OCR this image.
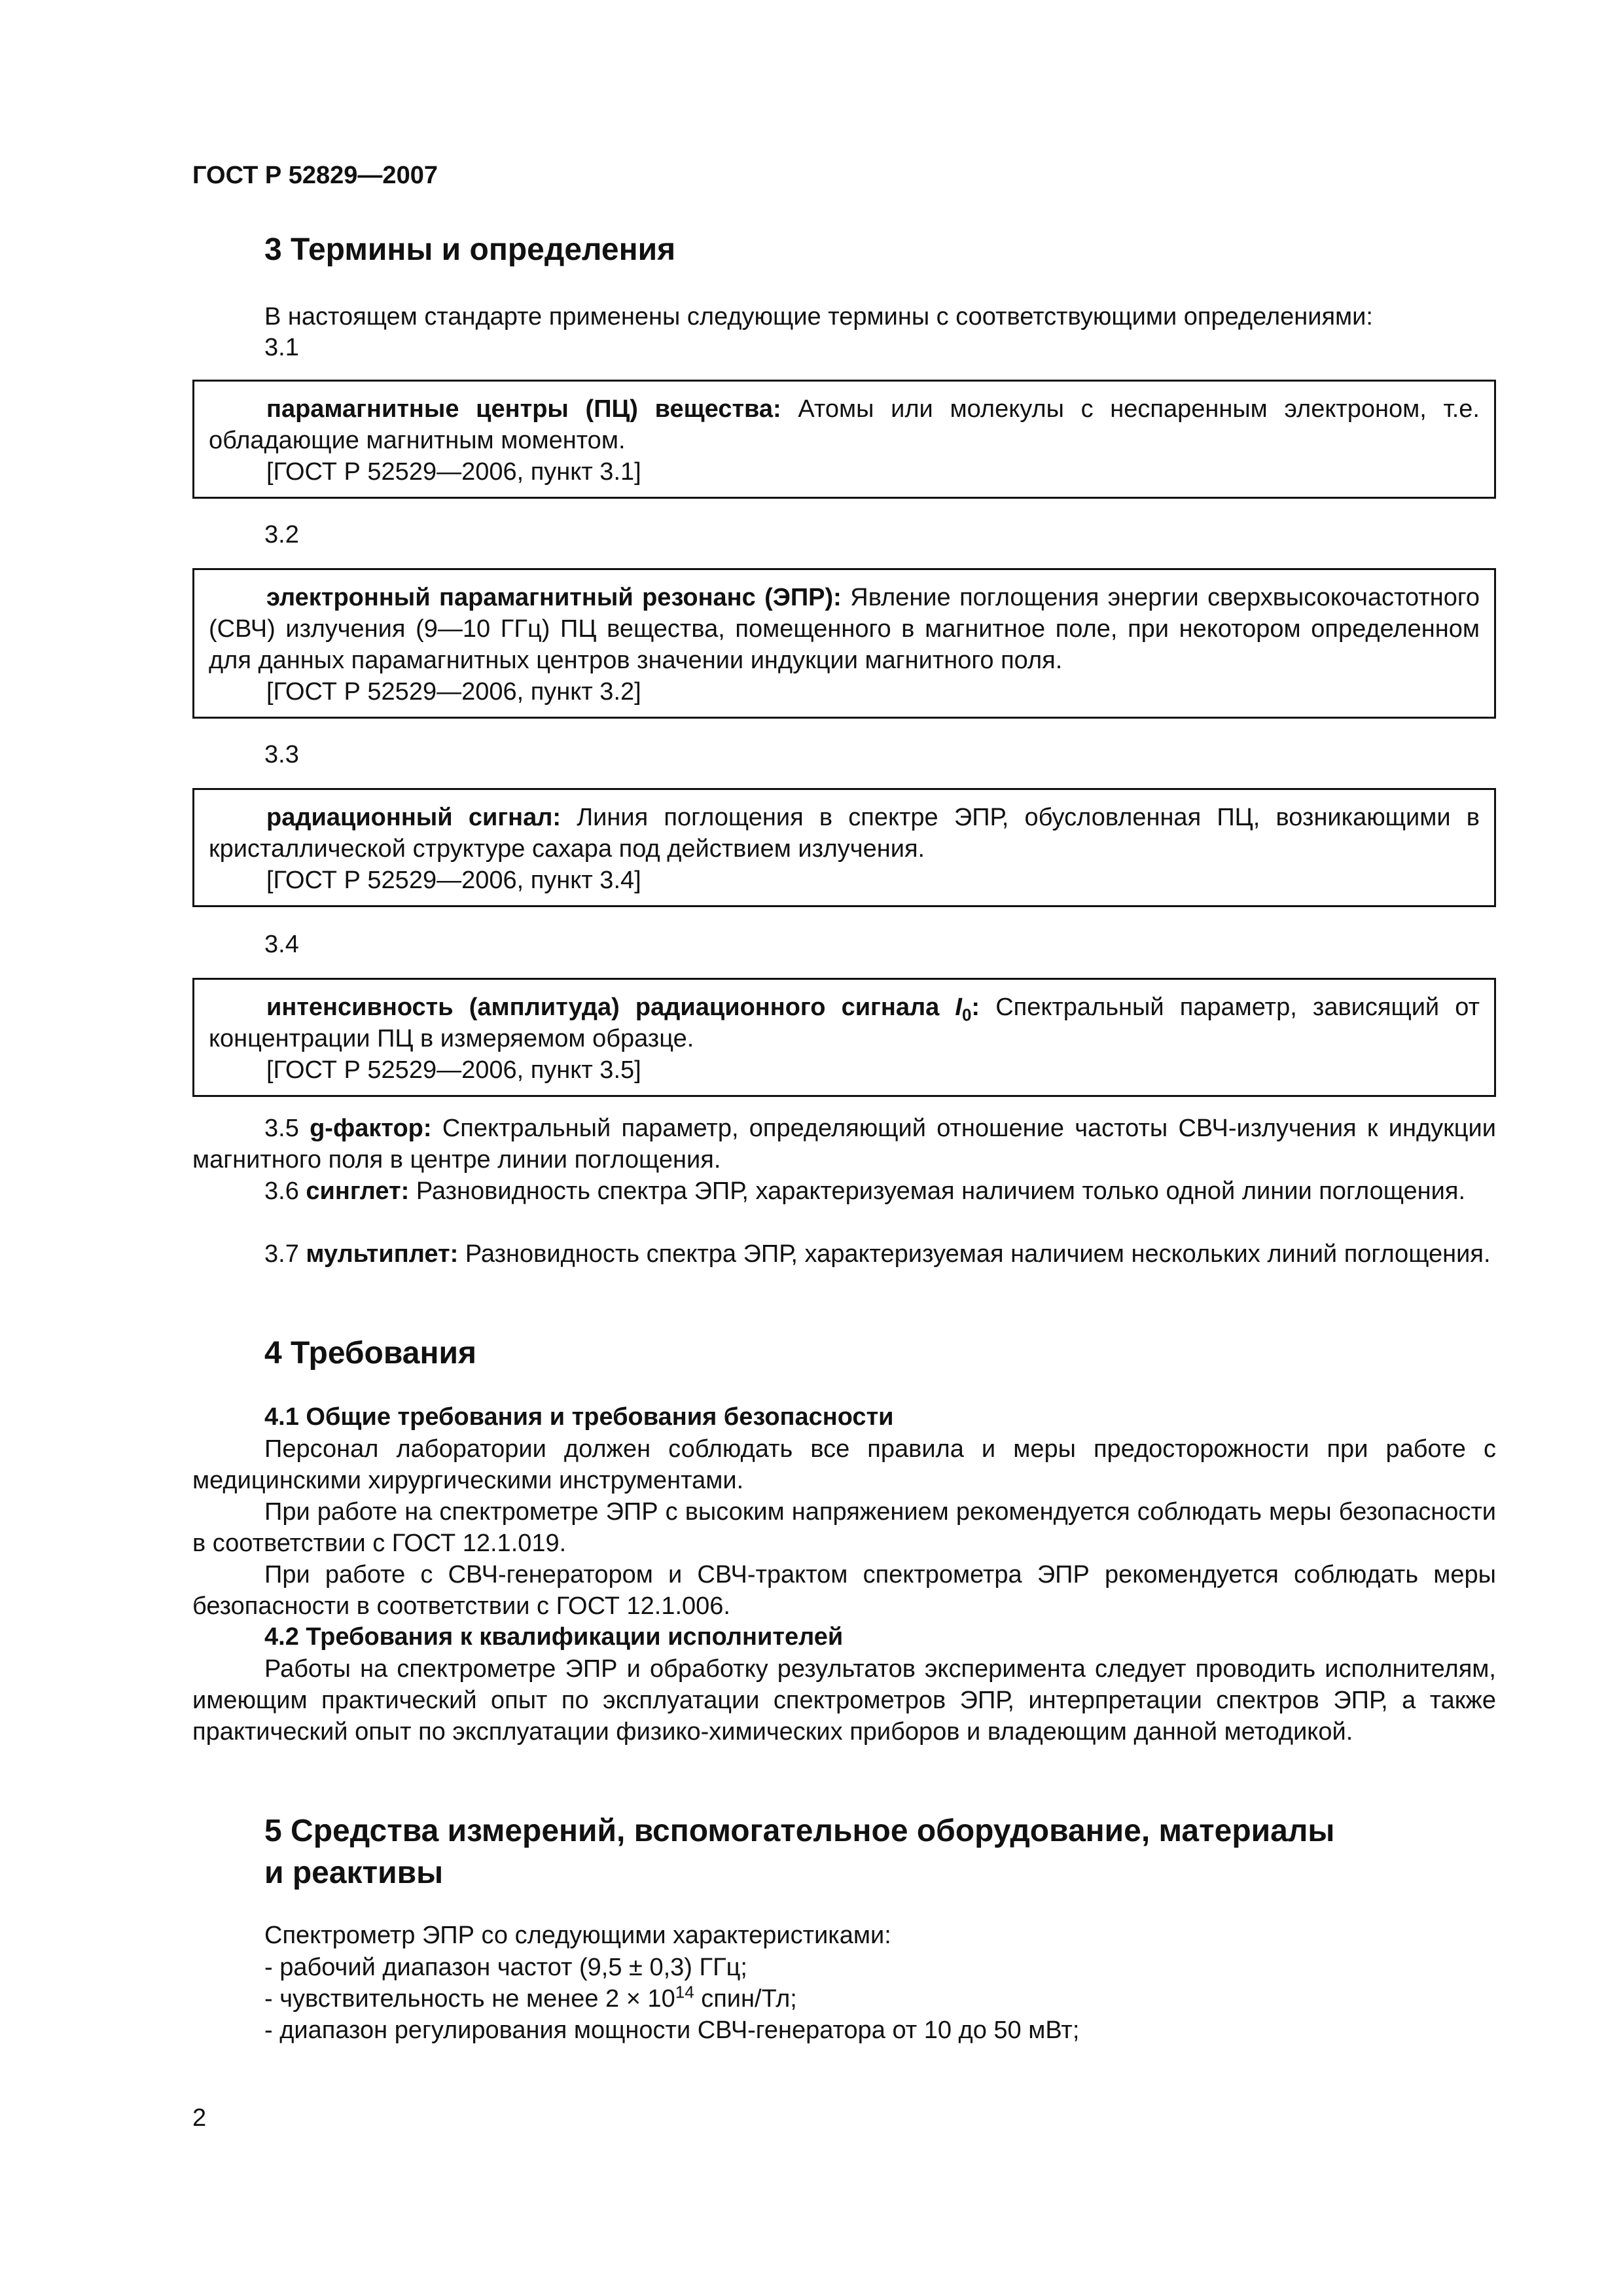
ГОСТ Р 52829—2007
3 Термины и определения

В настоящем стандарте применены следующие термины с соответствующими определениями:

3.1

парамагнитные центры (ПЦ) вещества: Атомы или молекулы с неспаренным электроном, т.е. обладающие магнитным моментом.

[ГОСТ Р 52529—2006, пункт 3.1]

3.2

электронный парамагнитный резонанс (ЭПР): Явление поглощения энергии сверхвысокочастотного (СВЧ) излучения (9—10 ГГц) ПЦ вещества, помещенного в магнитное поле, при некотором определенном для данных парамагнитных центров значении индукции магнитного поля.

[ГОСТ Р 52529—2006, пункт 3.2]

3.3

радиационный сигнал: Линия поглощения в спектре ЭПР, обусловленная ПЦ, возникающими в кристаллической структуре сахара под действием излучения.

[ГОСТ Р 52529—2006, пункт 3.4]

3.4

интенсивность (амплитуда) радиационного сигнала $I_0$: Спектральный параметр, зависящий от концентрации ПЦ в измеряемом образце.

[ГОСТ Р 52529—2006, пункт 3.5]

3.5 g-фактор: Спектральный параметр, определяющий отношение частоты СВЧ-излучения к индукции магнитного поля в центре линии поглощения.

3.6 синглет: Разновидность спектра ЭПР, характеризуемая наличием только одной линии поглощения.

3.7 мультиплет: Разновидность спектра ЭПР, характеризуемая наличием нескольких линий поглощения.

4 Требования
4.1 Общие требования и требования безопасности

Персонал лаборатории должен соблюдать все правила и меры предосторожности при работе с медицинскими хирургическими инструментами.

При работе на спектрометре ЭПР с высоким напряжением рекомендуется соблюдать меры безопасности в соответствии с ГОСТ 12.1.019.

При работе с СВЧ-генератором и СВЧ-трактом спектрометра ЭПР рекомендуется соблюдать меры безопасности в соответствии с ГОСТ 12.1.006.

4.2 Требования к квалификации исполнителей

Работы на спектрометре ЭПР и обработку результатов эксперимента следует проводить исполнителям, имеющим практический опыт по эксплуатации спектрометров ЭПР, интерпретации спектров ЭПР, а также практический опыт по эксплуатации физико-химических приборов и владеющим данной методикой.

5 Средства измерений, вспомогательное оборудование, материалы
и реактивы
Спектрометр ЭПР со следующими характеристиками:
- рабочий диапазон частот (9,5 ± 0,3) ГГц;
- чувствительность не менее $2 \times 10^{14}$ спин/Тл;
- диапазон регулирования мощности СВЧ-генератора от 10 до 50 мВт;
2
